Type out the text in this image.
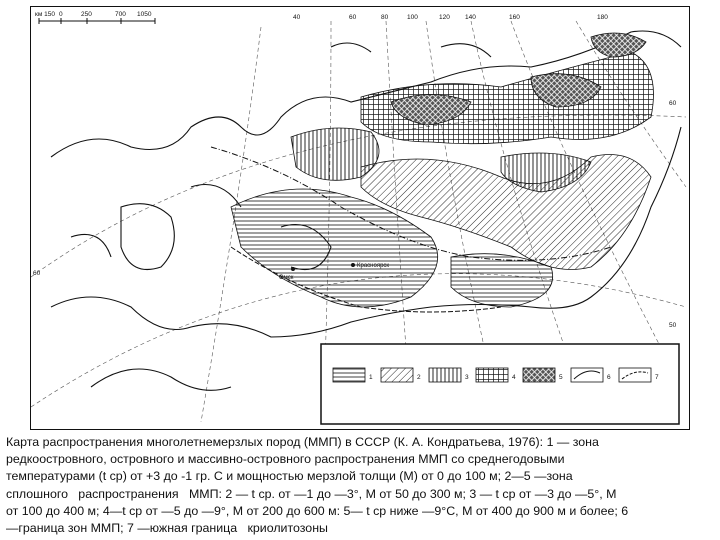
км 150 0	250	700 1050	40	60	80	100	120 140	160	180
60
60
50
Красноярск
Омск
1	2	3	4	5	6	7
Карта распространения многолетнемерзлых пород (ММП) в СССР (К. А. Кондратьева, 1976): 1 — зона
редкоостровного, островного и массивно-островного распространения ММП со среднегодовыми
температурами (t ср) от +3 до -1 гр. С и мощностью мерзлой толщи (М) от 0 до 100 м; 2—5 —зона
сплошного   распространения   ММП: 2 — t ср. от —1 до —3°, М от 50 до 300 м; 3 — t ср от —3 до —5°, М
от 100 до 400 м; 4—t ср от —5 до —9°, М от 200 до 600 м: 5— t ср ниже —9°С, М от 400 до 900 м и более; 6
—граница зон ММП; 7 —южная граница   криолитозоны
